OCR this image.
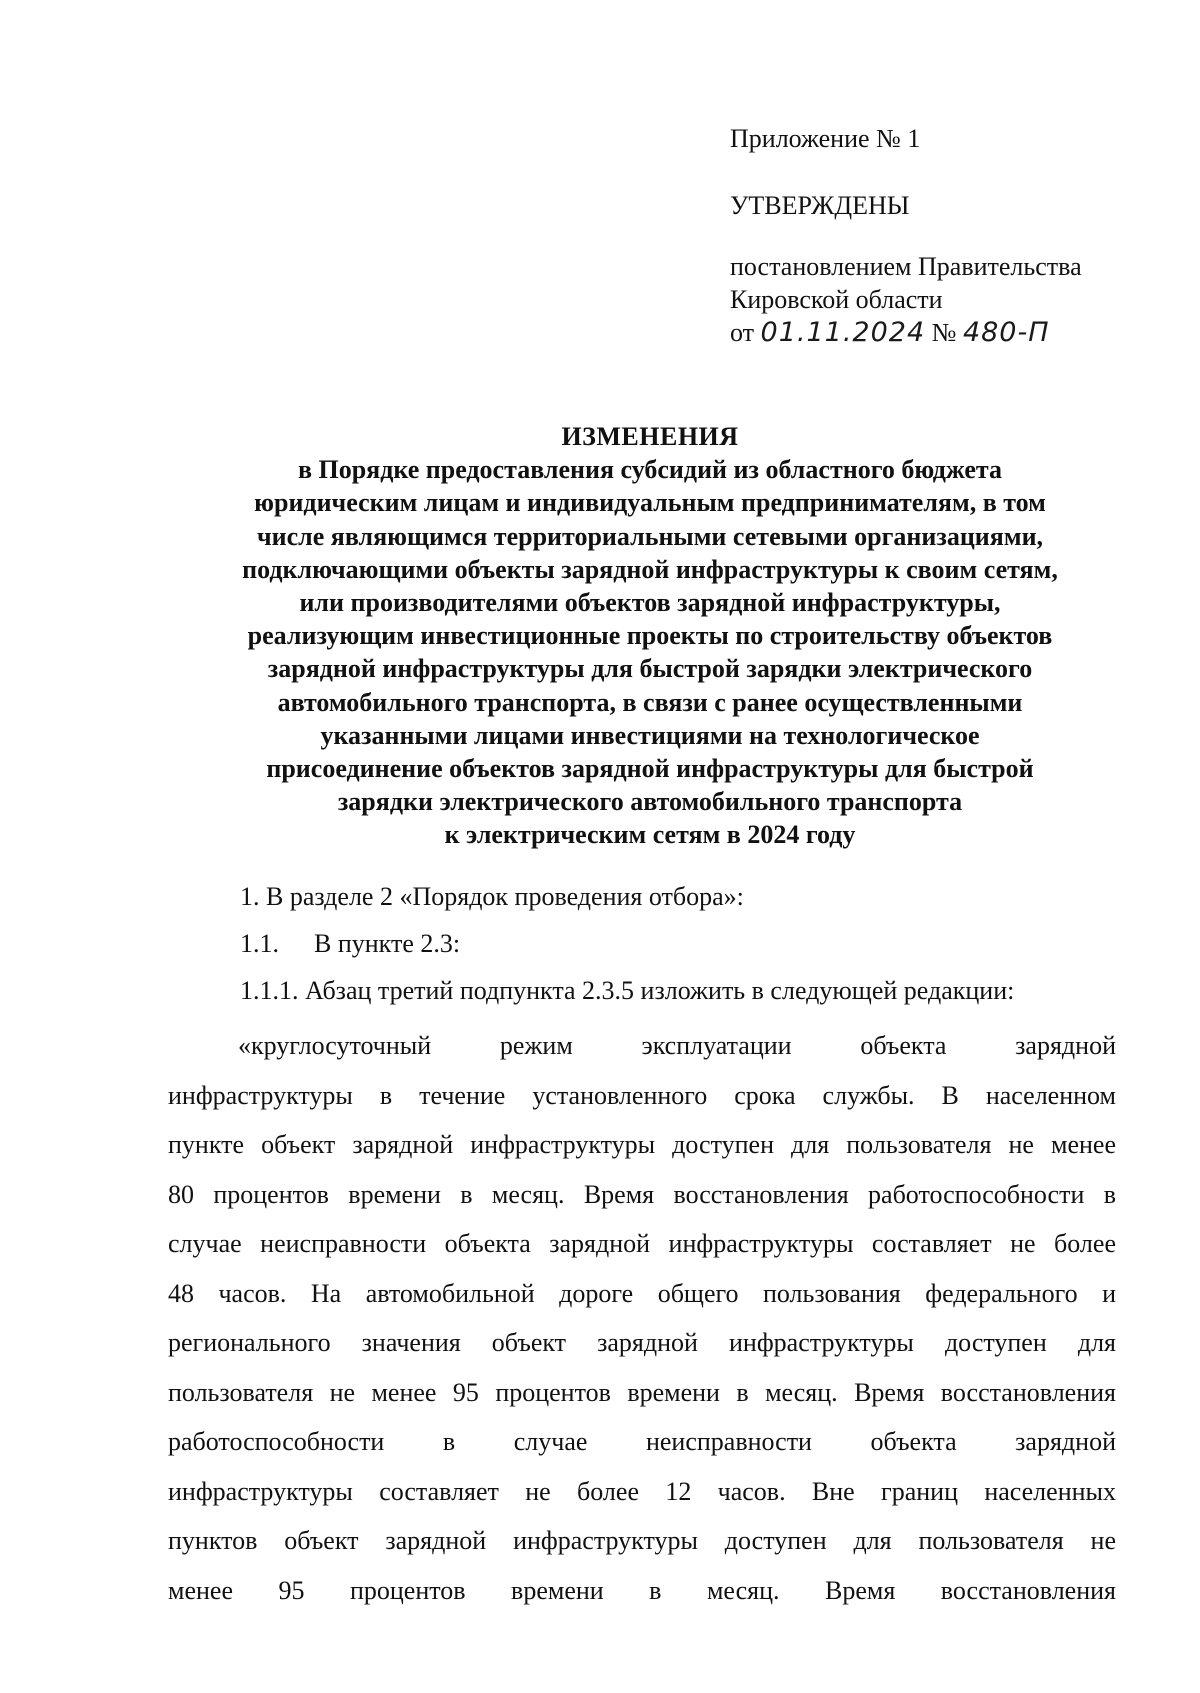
Приложение № 1
УТВЕРЖДЕНЫ
постановлением Правительства
Кировской области
от 01.11.2024 № 480-П
ИЗМЕНЕНИЯ
в Порядке предоставления субсидий из областного бюджета
юридическим лицам и индивидуальным предпринимателям, в том
числе являющимся территориальными сетевыми организациями,
подключающими объекты зарядной инфраструктуры к своим сетям,
или производителями объектов зарядной инфраструктуры,
реализующим инвестиционные проекты по строительству объектов
зарядной инфраструктуры для быстрой зарядки электрического
автомобильного транспорта, в связи с ранее осуществленными
указанными лицами инвестициями на технологическое
присоединение объектов зарядной инфраструктуры для быстрой
зарядки электрического автомобильного транспорта
к электрическим сетям в 2024 году
1. В разделе 2 «Порядок проведения отбора»:
1.1. В пункте 2.3:
1.1.1. Абзац третий подпункта 2.3.5 изложить в следующей редакции:
«круглосуточный режим эксплуатации объекта зарядной
инфраструктуры в течение установленного срока службы. В населенном
пункте объект зарядной инфраструктуры доступен для пользователя не менее
80 процентов времени в месяц. Время восстановления работоспособности в
случае неисправности объекта зарядной инфраструктуры составляет не более
48 часов. На автомобильной дороге общего пользования федерального и
регионального значения объект зарядной инфраструктуры доступен для
пользователя не менее 95 процентов времени в месяц. Время восстановления
работоспособности в случае неисправности объекта зарядной
инфраструктуры составляет не более 12 часов. Вне границ населенных
пунктов объект зарядной инфраструктуры доступен для пользователя не
менее 95 процентов времени в месяц. Время восстановления
